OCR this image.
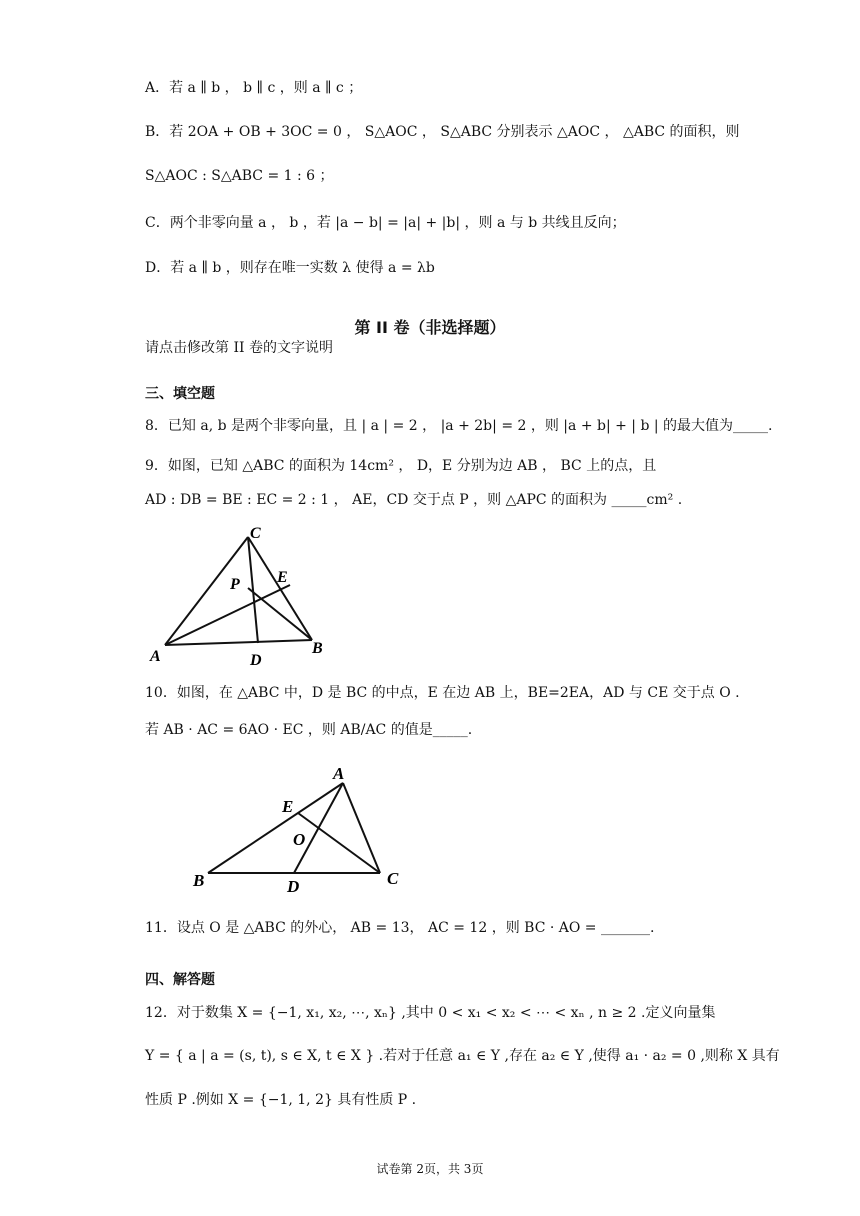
A．若 a ∥ b ， b ∥ c ，则 a ∥ c ；
B．若 2OA + OB + 3OC = 0 ， S△AOC ， S△ABC 分别表示 △AOC ， △ABC 的面积，则
S△AOC : S△ABC = 1 : 6 ；
C．两个非零向量 a ， b ，若 |a − b| = |a| + |b| ，则 a 与 b 共线且反向；
D．若 a ∥ b ，则存在唯一实数 λ 使得 a = λb
第 II 卷（非选择题）
请点击修改第 II 卷的文字说明
三、填空题
8．已知 a, b 是两个非零向量，且 | a | = 2 ， |a + 2b| = 2 ，则 |a + b| + | b | 的最大值为_____.
9．如图，已知 △ABC 的面积为 14cm² ， D，E 分别为边 AB ， BC 上的点，且
AD : DB = BE : EC = 2 : 1 ， AE，CD 交于点 P ，则 △APC 的面积为 _____cm² .
C
E
P
A	D
B
10．如图，在 △ABC 中，D 是 BC 的中点，E 在边 AB 上，BE=2EA，AD 与 CE 交于点 O .
若 AB · AC = 6AO · EC ，则 AB/AC 的值是_____.
A
E
O
B	D	C
11．设点 O 是 △ABC 的外心， AB = 13， AC = 12 ，则 BC · AO = _______.
四、解答题
12．对于数集 X = {−1, x₁, x₂, ⋯, xₙ} ,其中 0 < x₁ < x₂ < ⋯ < xₙ , n ≥ 2 .定义向量集
Y = { a | a = (s, t), s ∈ X, t ∈ X } .若对于任意 a₁ ∈ Y ,存在 a₂ ∈ Y ,使得 a₁ · a₂ = 0 ,则称 X 具有
性质 P .例如 X = {−1, 1, 2} 具有性质 P .
试卷第 2页，共 3页
